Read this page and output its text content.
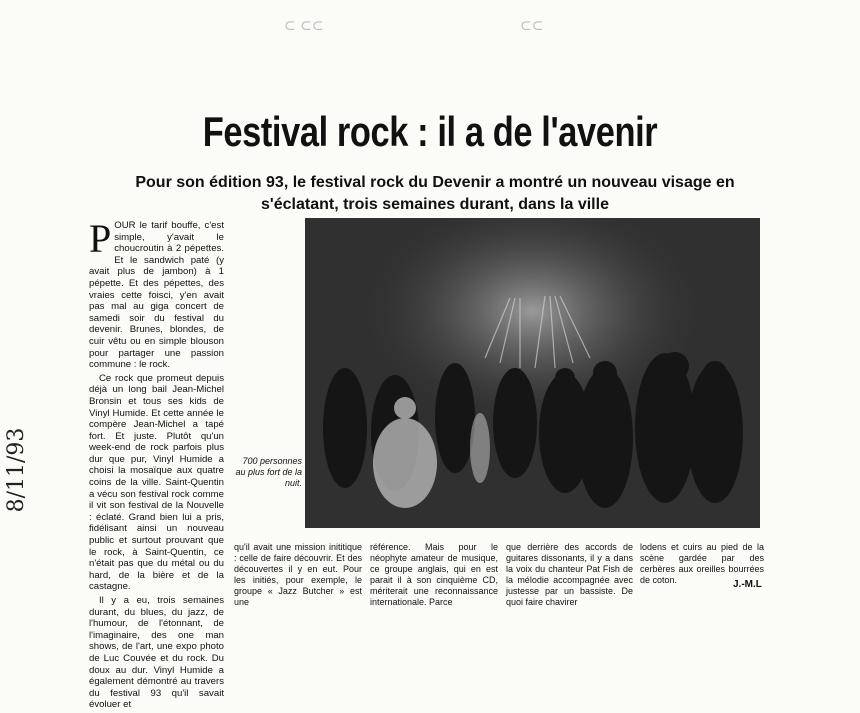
⊂ ⊂⊂	⊂⊂
Festival rock : il a de l'avenir
Pour son édition 93, le festival rock du Devenir a montré un nouveau visage en s'éclatant, trois semaines durant, dans la ville

POUR le tarif bouffe, c'est simple, y'avait le choucroutin à 2 pépettes. Et le sandwich paté (y avait plus de jambon) à 1 pépette. Et des pépettes, des vraies cette foisci, y'en avait pas mal au giga concert de samedi soir du festival du devenir. Brunes, blondes, de cuir vêtu ou en simple blouson pour partager une passion commune : le rock.

Ce rock que promeut depuis déjà un long bail Jean-Michel Bronsin et tous ses kids de Vinyl Humide. Et cette année le compère Jean-Michel a tapé fort. Et juste. Plutôt qu'un week-end de rock parfois plus dur que pur, Vinyl Humide a choisi la mosaïque aux quatre coins de la ville. Saint-Quentin a vécu son festival rock comme il vit son festival de la Nouvelle : éclaté. Grand bien lui a pris, fidélisant ainsi un nouveau public et surtout prouvant que le rock, à Saint-Quentin, ce n'était pas que du métal ou du hard, de la bière et de la castagne.

Il y a eu, trois semaines durant, du blues, du jazz, de l'humour, de l'étonnant, de l'imaginaire, des one man shows, de l'art, une expo photo de Luc Couvée et du rock. Du doux au dur. Vinyl Humide a également démontré au travers du festival 93 qu'il savait évoluer et

700 personnes au plus fort de la nuit.
qu'il avait une mission inititique : celle de faire découvrir. Et des découvertes il y en eut. Pour les initiés, pour exemple, le groupe « Jazz Butcher » est une
référence. Mais pour le néophyte amateur de musique, ce groupe anglais, qui en est parait il à son cinquième CD, mériterait une reconnaissance internationale. Parce
que derrière des accords de guitares dissonants, il y a dans la voix du chanteur Pat Fish de la mélodie accompagnée avec justesse par un bassiste. De quoi faire chavirer
lodens et cuirs au pied de la scène gardée par des cerbères aux oreilles bourrées de coton.	J.-M.L
8/11/93
